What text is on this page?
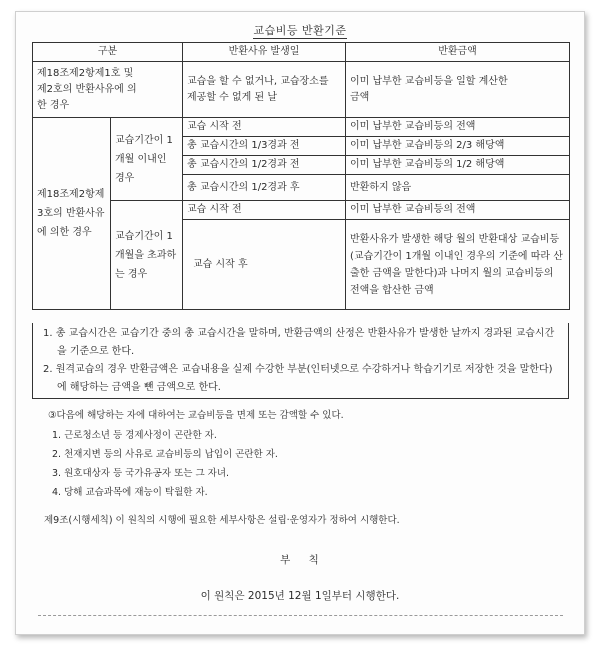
교습비등 반환기준
구분		반환사유 발생일	반환금액
제18조제2항제1호 및 제2호의 반환사유에 의한 경우		교습을 할 수 없거나, 교습장소를 제공할 수 없게 된 날	이미 납부한 교습비등을 일할 계산한 금액
제18조제2항제3호의 반환사유에 의한 경우	교습기간이 1개월 이내인 경우	교습 시작 전	이미 납부한 교습비등의 전액
		총 교습시간의 1/3경과 전	이미 납부한 교습비등의 2/3 해당액
		총 교습시간의 1/2경과 전	이미 납부한 교습비등의 1/2 해당액
		총 교습시간의 1/2경과 후	반환하지 않음
	교습기간이 1개월을 초과하는 경우	교습 시작 전	이미 납부한 교습비등의 전액
		교습 시작 후	반환사유가 발생한 해당 월의 반환대상 교습비등(교습기간이 1개월 이내인 경우의 기준에 따라 산출한 금액을 말한다)과 나머지 월의 교습비등의 전액을 합산한 금액
1. 총 교습시간은 교습기간 중의 총 교습시간을 말하며, 반환금액의 산정은 반환사유가 발생한 날까지 경과된 교습시간을 기준으로 한다.
2. 원격교습의 경우 반환금액은 교습내용을 실제 수강한 부분(인터넷으로 수강하거나 학습기기로 저장한 것을 말한다)에 해당하는 금액을 뺀 금액으로 한다.
③다음에 해당하는 자에 대하여는 교습비등을 면제 또는 감액할 수 있다.
1. 근로청소년 등 경제사정이 곤란한 자.
2. 천재지변 등의 사유로 교습비등의 납입이 곤란한 자.
3. 원호대상자 등 국가유공자 또는 그 자녀.
4. 당해 교습과목에 재능이 탁월한 자.
제9조(시행세칙) 이 원칙의 시행에 필요한 세부사항은 설립·운영자가 정하여 시행한다.
부    칙
이 원칙은 2015년 12월 1일부터 시행한다.
